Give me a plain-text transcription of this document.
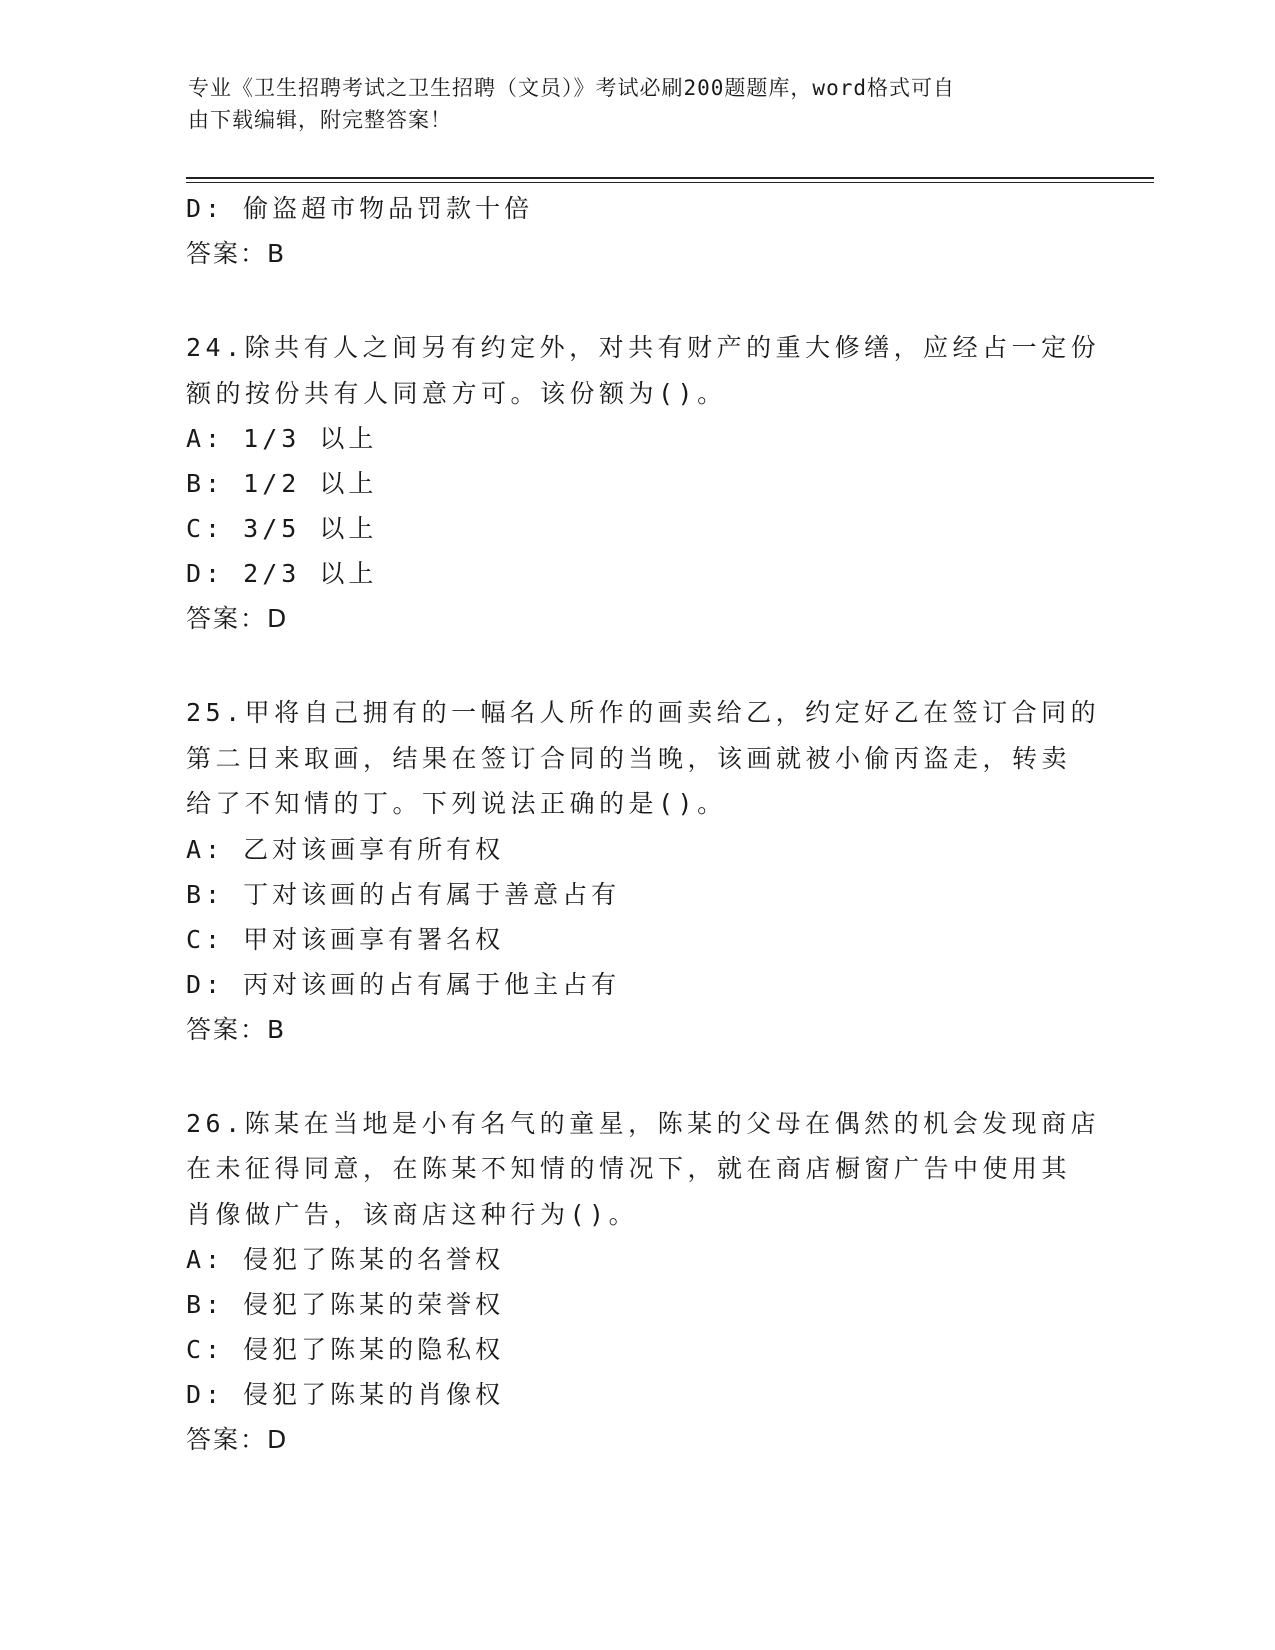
专业《卫生招聘考试之卫生招聘（文员）》考试必刷200题题库，word格式可自
由下载编辑，附完整答案！
D: 偷盗超市物品罚款十倍
答案：B
24.除共有人之间另有约定外，对共有财产的重大修缮，应经占一定份
额的按份共有人同意方可。该份额为()。
A: 1/3 以上
B: 1/2 以上
C: 3/5 以上
D: 2/3 以上
答案：D
25.甲将自己拥有的一幅名人所作的画卖给乙，约定好乙在签订合同的
第二日来取画，结果在签订合同的当晚，该画就被小偷丙盗走，转卖
给了不知情的丁。下列说法正确的是()。
A: 乙对该画享有所有权
B: 丁对该画的占有属于善意占有
C: 甲对该画享有署名权
D: 丙对该画的占有属于他主占有
答案：B
26.陈某在当地是小有名气的童星，陈某的父母在偶然的机会发现商店
在未征得同意，在陈某不知情的情况下，就在商店橱窗广告中使用其
肖像做广告，该商店这种行为()。
A: 侵犯了陈某的名誉权
B: 侵犯了陈某的荣誉权
C: 侵犯了陈某的隐私权
D: 侵犯了陈某的肖像权
答案：D
